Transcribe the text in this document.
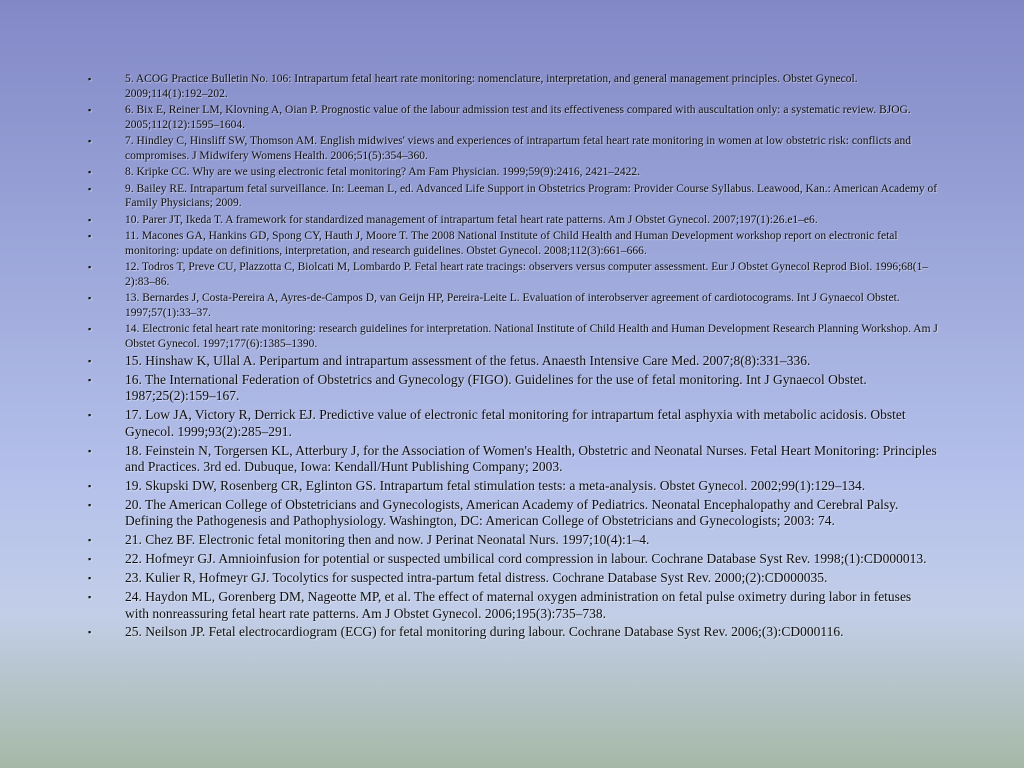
▪	5. ACOG Practice Bulletin No. 106: Intrapartum fetal heart rate monitoring: nomenclature, interpretation, and general management principles. Obstet Gynecol. 2009;114(1):192–202.
▪	6. Bix E, Reiner LM, Klovning A, Oian P. Prognostic value of the labour admission test and its effectiveness compared with auscultation only: a systematic review. BJOG. 2005;112(12):1595–1604.
▪	7. Hindley C, Hinsliff SW, Thomson AM. English midwives' views and experiences of intrapartum fetal heart rate monitoring in women at low obstetric risk: conflicts and compromises. J Midwifery Womens Health. 2006;51(5):354–360.
▪	8. Kripke CC. Why are we using electronic fetal monitoring? Am Fam Physician. 1999;59(9):2416, 2421–2422.
▪	9. Bailey RE. Intrapartum fetal surveillance. In: Leeman L, ed. Advanced Life Support in Obstetrics Program: Provider Course Syllabus. Leawood, Kan.: American Academy of Family Physicians; 2009.
▪	10. Parer JT, Ikeda T. A framework for standardized management of intrapartum fetal heart rate patterns. Am J Obstet Gynecol. 2007;197(1):26.e1–e6.
▪	11. Macones GA, Hankins GD, Spong CY, Hauth J, Moore T. The 2008 National Institute of Child Health and Human Development workshop report on electronic fetal monitoring: update on definitions, interpretation, and research guidelines. Obstet Gynecol. 2008;112(3):661–666.
▪	12. Todros T, Preve CU, Plazzotta C, Biolcati M, Lombardo P. Fetal heart rate tracings: observers versus computer assessment. Eur J Obstet Gynecol Reprod Biol. 1996;68(1–2):83–86.
▪	13. Bernardes J, Costa-Pereira A, Ayres-de-Campos D, van Geijn HP, Pereira-Leite L. Evaluation of interobserver agreement of cardiotocograms. Int J Gynaecol Obstet. 1997;57(1):33–37.
▪	14. Electronic fetal heart rate monitoring: research guidelines for interpretation. National Institute of Child Health and Human Development Research Planning Workshop. Am J Obstet Gynecol. 1997;177(6):1385–1390.
▪	15. Hinshaw K, Ullal A. Peripartum and intrapartum assessment of the fetus. Anaesth Intensive Care Med. 2007;8(8):331–336.
▪	16. The International Federation of Obstetrics and Gynecology (FIGO). Guidelines for the use of fetal monitoring. Int J Gynaecol Obstet. 1987;25(2):159–167.
▪	17. Low JA, Victory R, Derrick EJ. Predictive value of electronic fetal monitoring for intrapartum fetal asphyxia with metabolic acidosis. Obstet Gynecol. 1999;93(2):285–291.
▪	18. Feinstein N, Torgersen KL, Atterbury J, for the Association of Women's Health, Obstetric and Neonatal Nurses. Fetal Heart Monitoring: Principles and Practices. 3rd ed. Dubuque, Iowa: Kendall/Hunt Publishing Company; 2003.
▪	19. Skupski DW, Rosenberg CR, Eglinton GS. Intrapartum fetal stimulation tests: a meta-analysis. Obstet Gynecol. 2002;99(1):129–134.
▪	20. The American College of Obstetricians and Gynecologists, American Academy of Pediatrics. Neonatal Encephalopathy and Cerebral Palsy. Defining the Pathogenesis and Pathophysiology. Washington, DC: American College of Obstetricians and Gynecologists; 2003: 74.
▪	21. Chez BF. Electronic fetal monitoring then and now. J Perinat Neonatal Nurs. 1997;10(4):1–4.
▪	22. Hofmeyr GJ. Amnioinfusion for potential or suspected umbilical cord compression in labour. Cochrane Database Syst Rev. 1998;(1):CD000013.
▪	23. Kulier R, Hofmeyr GJ. Tocolytics for suspected intra-partum fetal distress. Cochrane Database Syst Rev. 2000;(2):CD000035.
▪	24. Haydon ML, Gorenberg DM, Nageotte MP, et al. The effect of maternal oxygen administration on fetal pulse oximetry during labor in fetuses with nonreassuring fetal heart rate patterns. Am J Obstet Gynecol. 2006;195(3):735–738.
▪	25. Neilson JP. Fetal electrocardiogram (ECG) for fetal monitoring during labour. Cochrane Database Syst Rev. 2006;(3):CD000116.
